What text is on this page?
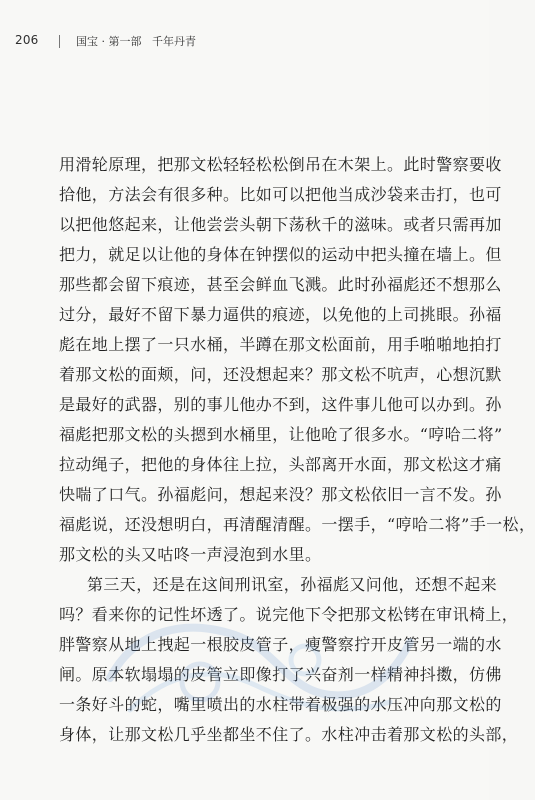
206	国宝 · 第一部   千年丹青
用滑轮原理，把那文松轻轻松松倒吊在木架上。此时警察要收
拾他，方法会有很多种。比如可以把他当成沙袋来击打，也可
以把他悠起来，让他尝尝头朝下荡秋千的滋味。或者只需再加
把力，就足以让他的身体在钟摆似的运动中把头撞在墙上。但
那些都会留下痕迹，甚至会鲜血飞溅。此时孙福彪还不想那么
过分，最好不留下暴力逼供的痕迹，以免他的上司挑眼。孙福
彪在地上摆了一只水桶，半蹲在那文松面前，用手啪啪地拍打
着那文松的面颊，问，还没想起来？那文松不吭声，心想沉默
是最好的武器，别的事儿他办不到，这件事儿他可以办到。孙
福彪把那文松的头摁到水桶里，让他呛了很多水。“哼哈二将”
拉动绳子，把他的身体往上拉，头部离开水面，那文松这才痛
快喘了口气。孙福彪问，想起来没？那文松依旧一言不发。孙
福彪说，还没想明白，再清醒清醒。一摆手，“哼哈二将”手一松，
那文松的头又咕咚一声浸泡到水里。
第三天，还是在这间刑讯室，孙福彪又问他，还想不起来
吗？看来你的记性坏透了。说完他下令把那文松铐在审讯椅上，
胖警察从地上拽起一根胶皮管子，瘦警察拧开皮管另一端的水
闸。原本软塌塌的皮管立即像打了兴奋剂一样精神抖擞，仿佛
一条好斗的蛇，嘴里喷出的水柱带着极强的水压冲向那文松的
身体，让那文松几乎坐都坐不住了。水柱冲击着那文松的头部，
